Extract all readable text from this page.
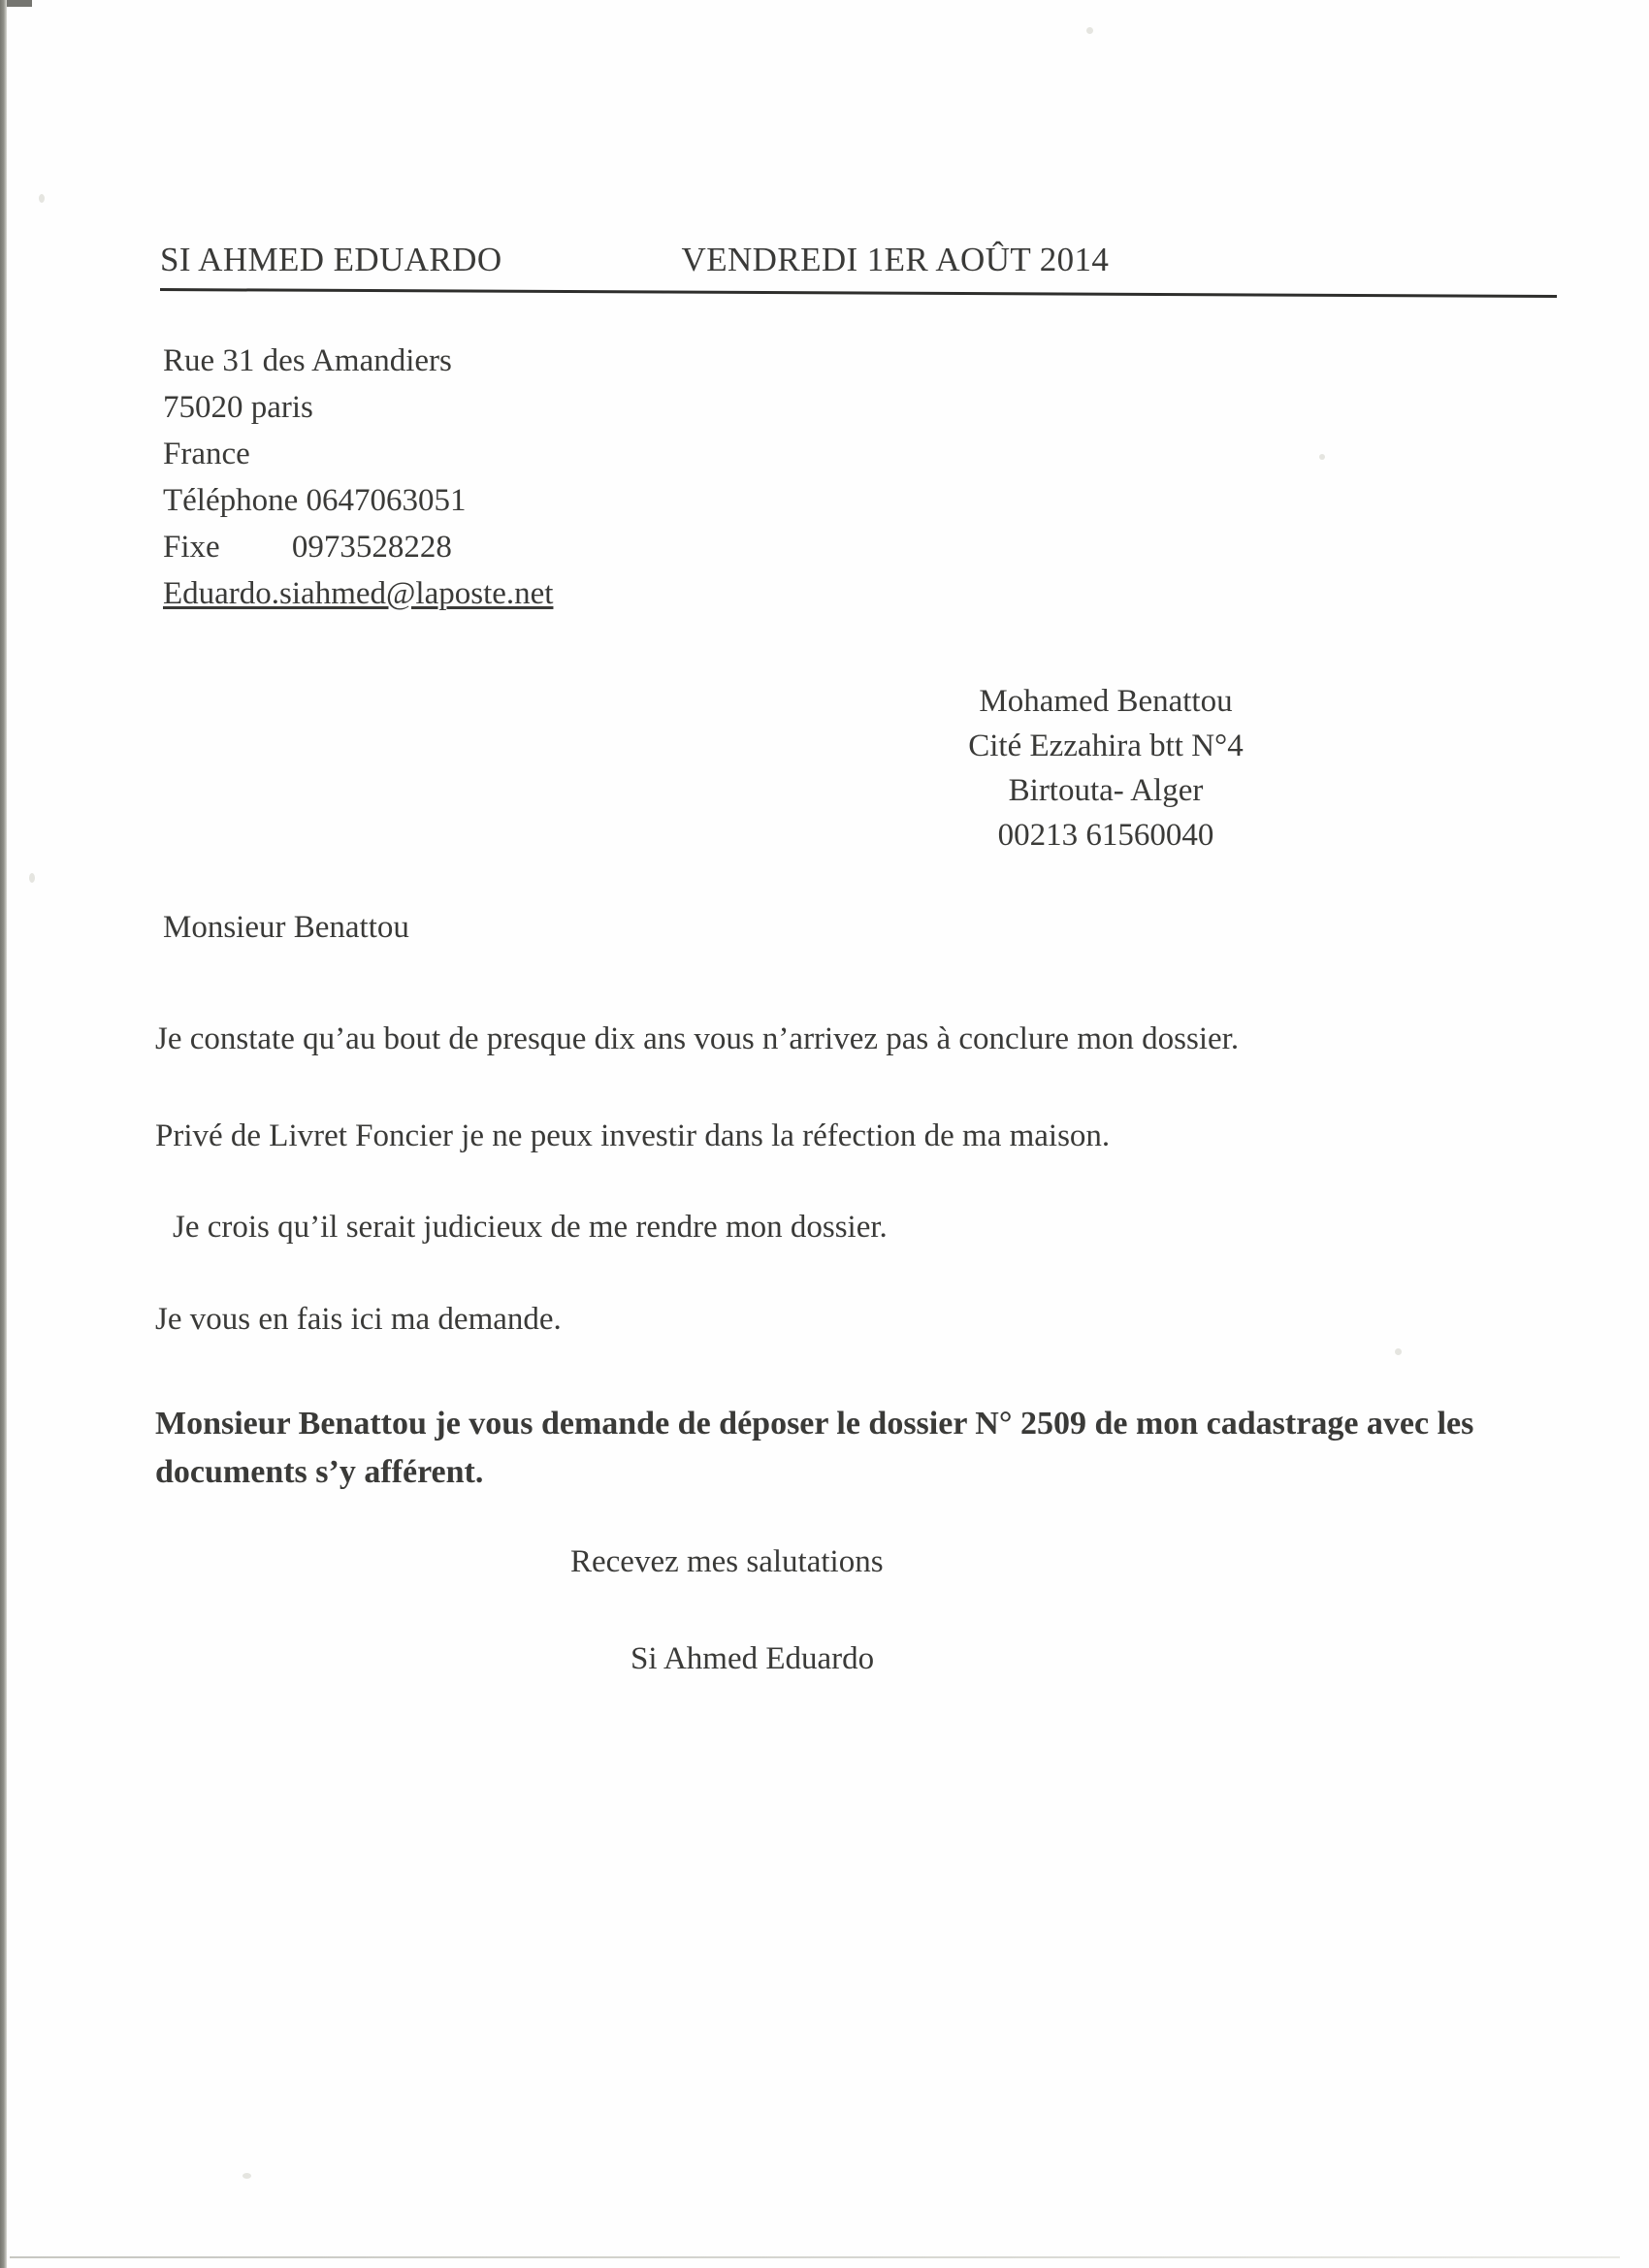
SI AHMED EDUARDO	VENDREDI 1ER AOÛT 2014
Rue 31 des Amandiers
75020 paris
France
Téléphone 0647063051
Fixe         0973528228
Eduardo.siahmed@laposte.net
Mohamed Benattou
Cité Ezzahira btt N°4
Birtouta- Alger
00213 61560040
Monsieur Benattou
Je constate qu’au bout de presque dix ans vous n’arrivez pas à conclure mon dossier.
Privé de Livret Foncier je ne peux investir dans la réfection de ma maison.
Je crois qu’il serait judicieux de me rendre mon dossier.
Je vous en fais ici ma demande.
Monsieur Benattou je vous demande de déposer le dossier N° 2509 de mon cadastrage avec les documents s’y afférent.
Recevez mes salutations
Si Ahmed Eduardo
